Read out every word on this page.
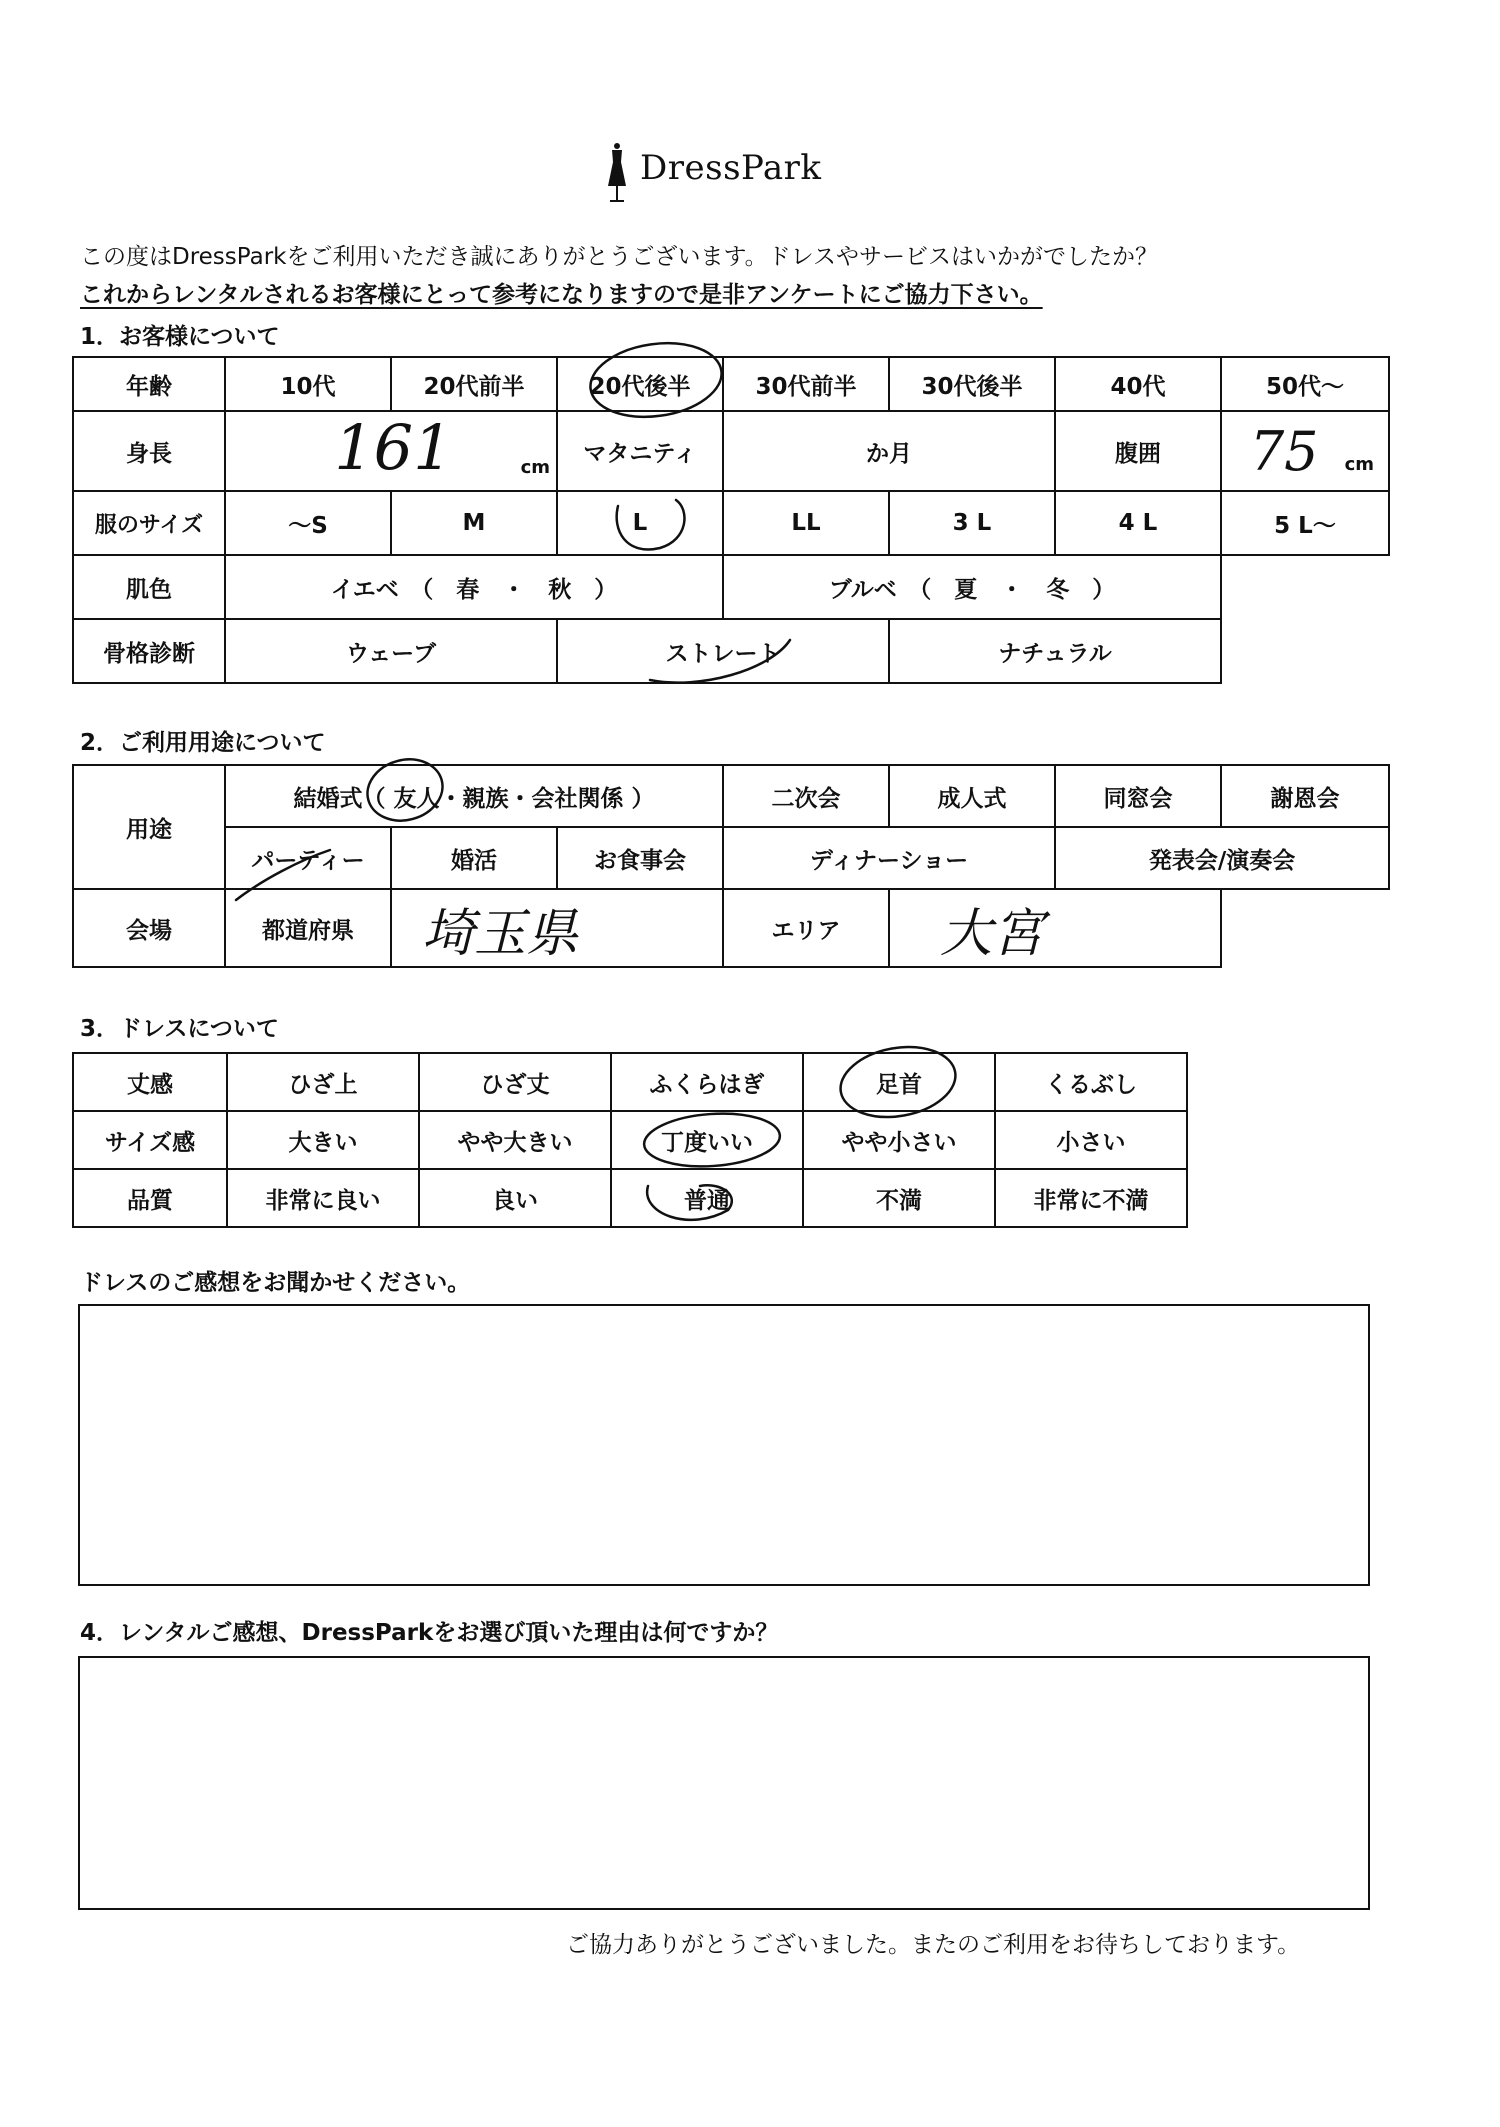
DressPark
この度はDressParkをご利用いただき誠にありがとうございます。ドレスやサービスはいかがでしたか？
これからレンタルされるお客様にとって参考になりますので是非アンケートにご協力下さい。
1．お客様について
年齢	10代	20代前半	20代後半	30代前半	30代後半	40代	50代～
身長	161 cm		マタニティ	か月		腹囲	75 cm
服のサイズ	～S	M	L	LL	3 L	4 L	5 L～
肌色	イエベ　（　春　・　秋　）			ブルベ　（　夏　・　冬　）			
骨格診断	ウェーブ		ストレート		ナチュラル		
2．ご利用用途について
用途	結婚式（ 友人・親族・会社関係 ）			二次会	成人式	同窓会	謝恩会
	パーティー	婚活	お食事会	ディナーショー		発表会/演奏会	
会場	都道府県	埼玉県		エリア	大宮		
3．ドレスについて
丈感	ひざ上	ひざ丈	ふくらはぎ	足首	くるぶし
サイズ感	大きい	やや大きい	丁度いい	やや小さい	小さい
品質	非常に良い	良い	普通	不満	非常に不満
ドレスのご感想をお聞かせください。
4．レンタルご感想、DressParkをお選び頂いた理由は何ですか？
ご協力ありがとうございました。またのご利用をお待ちしております。
